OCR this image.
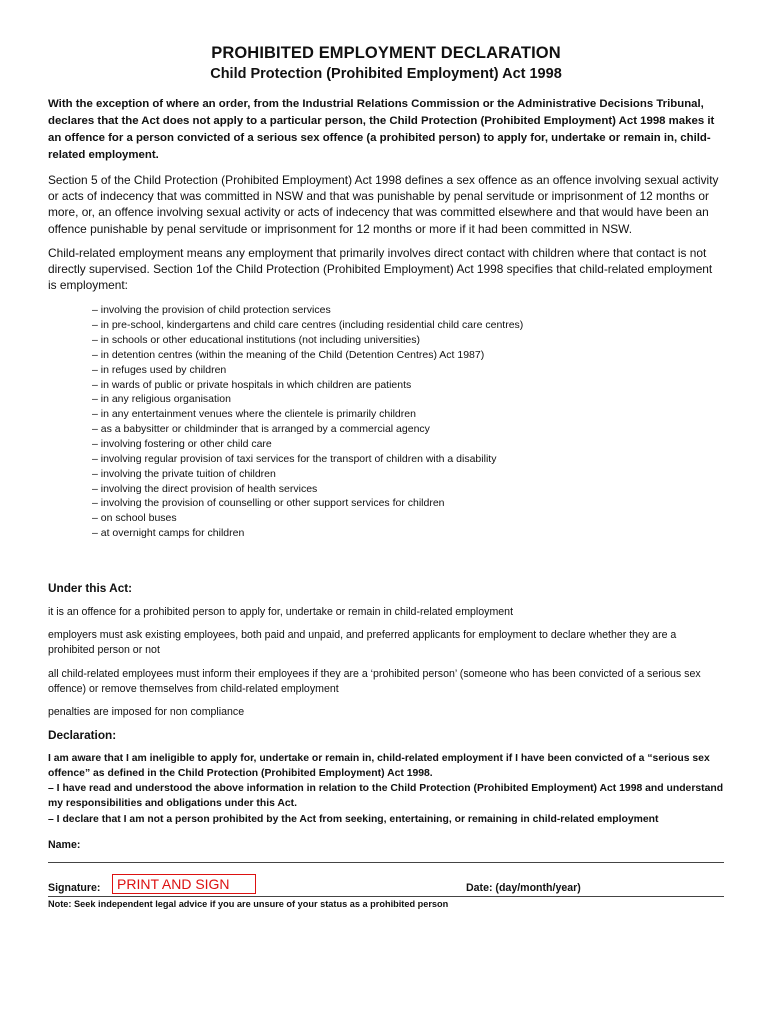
PROHIBITED EMPLOYMENT DECLARATION
Child Protection (Prohibited Employment) Act 1998

With the exception of where an order, from the Industrial Relations Commission or the Administrative Decisions Tribunal, declares that the Act does not apply to a particular person, the Child Protection (Prohibited Employment) Act 1998 makes it an offence for a person convicted of a serious sex offence (a prohibited person) to apply for, undertake or remain in, child-related employment.

Section 5 of the Child Protection (Prohibited Employment) Act 1998 defines a sex offence as an offence involving sexual activity or acts of indecency that was committed in NSW and that was punishable by penal servitude or imprisonment of 12 months or more, or, an offence involving sexual activity or acts of indecency that was committed elsewhere and that would have been an offence punishable by penal servitude or imprisonment for 12 months or more if it had been committed in NSW.

Child-related employment means any employment that primarily involves direct contact with children where that contact is not directly supervised. Section 1of the Child Protection (Prohibited Employment) Act 1998 specifies that child-related employment is employment:

– involving the provision of child protection services
– in pre-school, kindergartens and child care centres (including residential child care centres)
– in schools or other educational institutions (not including universities)
– in detention centres (within the meaning of the Child (Detention Centres) Act 1987)
– in refuges used by children
– in wards of public or private hospitals in which children are patients
– in any religious organisation
– in any entertainment venues where the clientele is primarily children
– as a babysitter or childminder that is arranged by a commercial agency
– involving fostering or other child care
– involving regular provision of taxi services for the transport of children with a disability
– involving the private tuition of children
– involving the direct provision of health services
– involving the provision of counselling or other support services for children
– on school buses
– at overnight camps for children
Under this Act:

it is an offence for a prohibited person to apply for, undertake or remain in child-related employment

employers must ask existing employees, both paid and unpaid, and preferred applicants for employment to declare whether they are a prohibited person or not

all child-related employees must inform their employees if they are a ‘prohibited person’ (someone who has been convicted of a serious sex offence) or remove themselves from child-related employment

penalties are imposed for non compliance

Declaration:

I am aware that I am ineligible to apply for, undertake or remain in, child-related employment if I have been convicted of a “serious sex offence” as defined in the Child Protection (Prohibited Employment) Act 1998.

– I have read and understood the above information in relation to the Child Protection (Prohibited Employment) Act 1998 and understand my responsibilities and obligations under this Act.

– I declare that I am not a person prohibited by the Act from seeking, entertaining, or remaining in child-related employment

Name:
Signature:	PRINT AND SIGN	Date: (day/month/year)
Note: Seek independent legal advice if you are unsure of your status as a prohibited person
